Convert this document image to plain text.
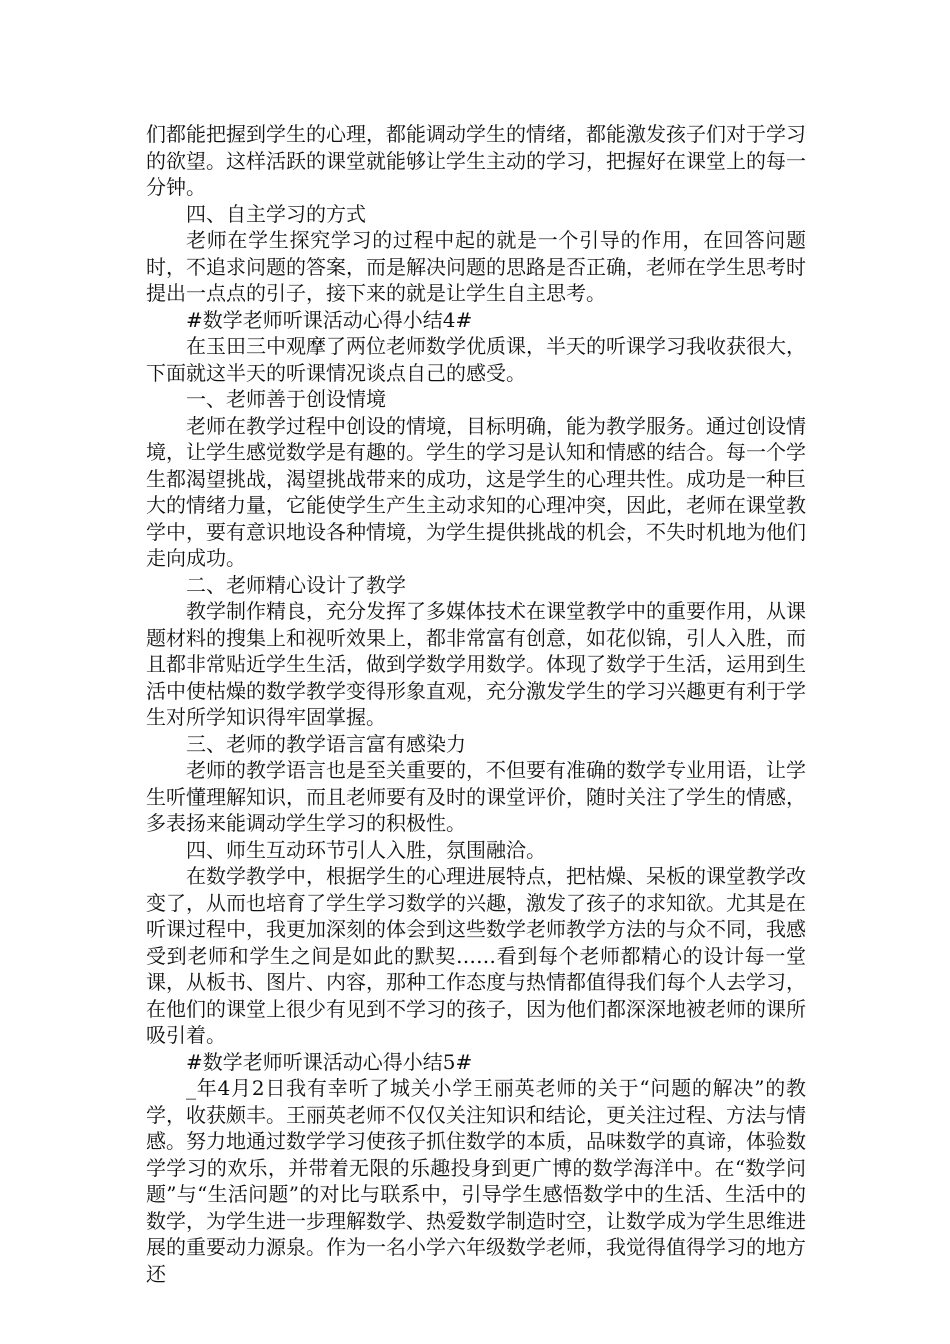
们都能把握到学生的心理，都能调动学生的情绪，都能激发孩子们对于学习的欲望。这样活跃的课堂就能够让学生主动的学习，把握好在课堂上的每一分钟。

四、自主学习的方式

老师在学生探究学习的过程中起的就是一个引导的作用，在回答问题时，不追求问题的答案，而是解决问题的思路是否正确，老师在学生思考时提出一点点的引子，接下来的就是让学生自主思考。

#数学老师听课活动心得小结4#

在玉田三中观摩了两位老师数学优质课，半天的听课学习我收获很大，下面就这半天的听课情况谈点自己的感受。

一、老师善于创设情境

老师在教学过程中创设的情境，目标明确，能为教学服务。通过创设情境，让学生感觉数学是有趣的。学生的学习是认知和情感的结合。每一个学生都渴望挑战，渴望挑战带来的成功，这是学生的心理共性。成功是一种巨大的情绪力量，它能使学生产生主动求知的心理冲突，因此，老师在课堂教学中，要有意识地设各种情境，为学生提供挑战的机会，不失时机地为他们走向成功。

二、老师精心设计了教学

教学制作精良，充分发挥了多媒体技术在课堂教学中的重要作用，从课题材料的搜集上和视听效果上，都非常富有创意，如花似锦，引人入胜，而且都非常贴近学生生活，做到学数学用数学。体现了数学于生活，运用到生活中使枯燥的数学教学变得形象直观，充分激发学生的学习兴趣更有利于学生对所学知识得牢固掌握。

三、老师的教学语言富有感染力

老师的教学语言也是至关重要的，不但要有准确的数学专业用语，让学生听懂理解知识，而且老师要有及时的课堂评价，随时关注了学生的情感，多表扬来能调动学生学习的积极性。

四、师生互动环节引人入胜，氛围融洽。

在数学教学中，根据学生的心理进展特点，把枯燥、呆板的课堂教学改变了，从而也培育了学生学习数学的兴趣，激发了孩子的求知欲。尤其是在听课过程中，我更加深刻的体会到这些数学老师教学方法的与众不同，我感受到老师和学生之间是如此的默契……看到每个老师都精心的设计每一堂课，从板书、图片、内容，那种工作态度与热情都值得我们每个人去学习，在他们的课堂上很少有见到不学习的孩子，因为他们都深深地被老师的课所吸引着。

#数学老师听课活动心得小结5#

_年4月2日我有幸听了城关小学王丽英老师的关于“问题的解决”的教学，收获颇丰。王丽英老师不仅仅关注知识和结论，更关注过程、方法与情感。努力地通过数学学习使孩子抓住数学的本质，品味数学的真谛，体验数学学习的欢乐，并带着无限的乐趣投身到更广博的数学海洋中。在“数学问题”与“生活问题”的对比与联系中，引导学生感悟数学中的生活、生活中的数学，为学生进一步理解数学、热爱数学制造时空，让数学成为学生思维进展的重要动力源泉。作为一名小学六年级数学老师，我觉得值得学习的地方还
